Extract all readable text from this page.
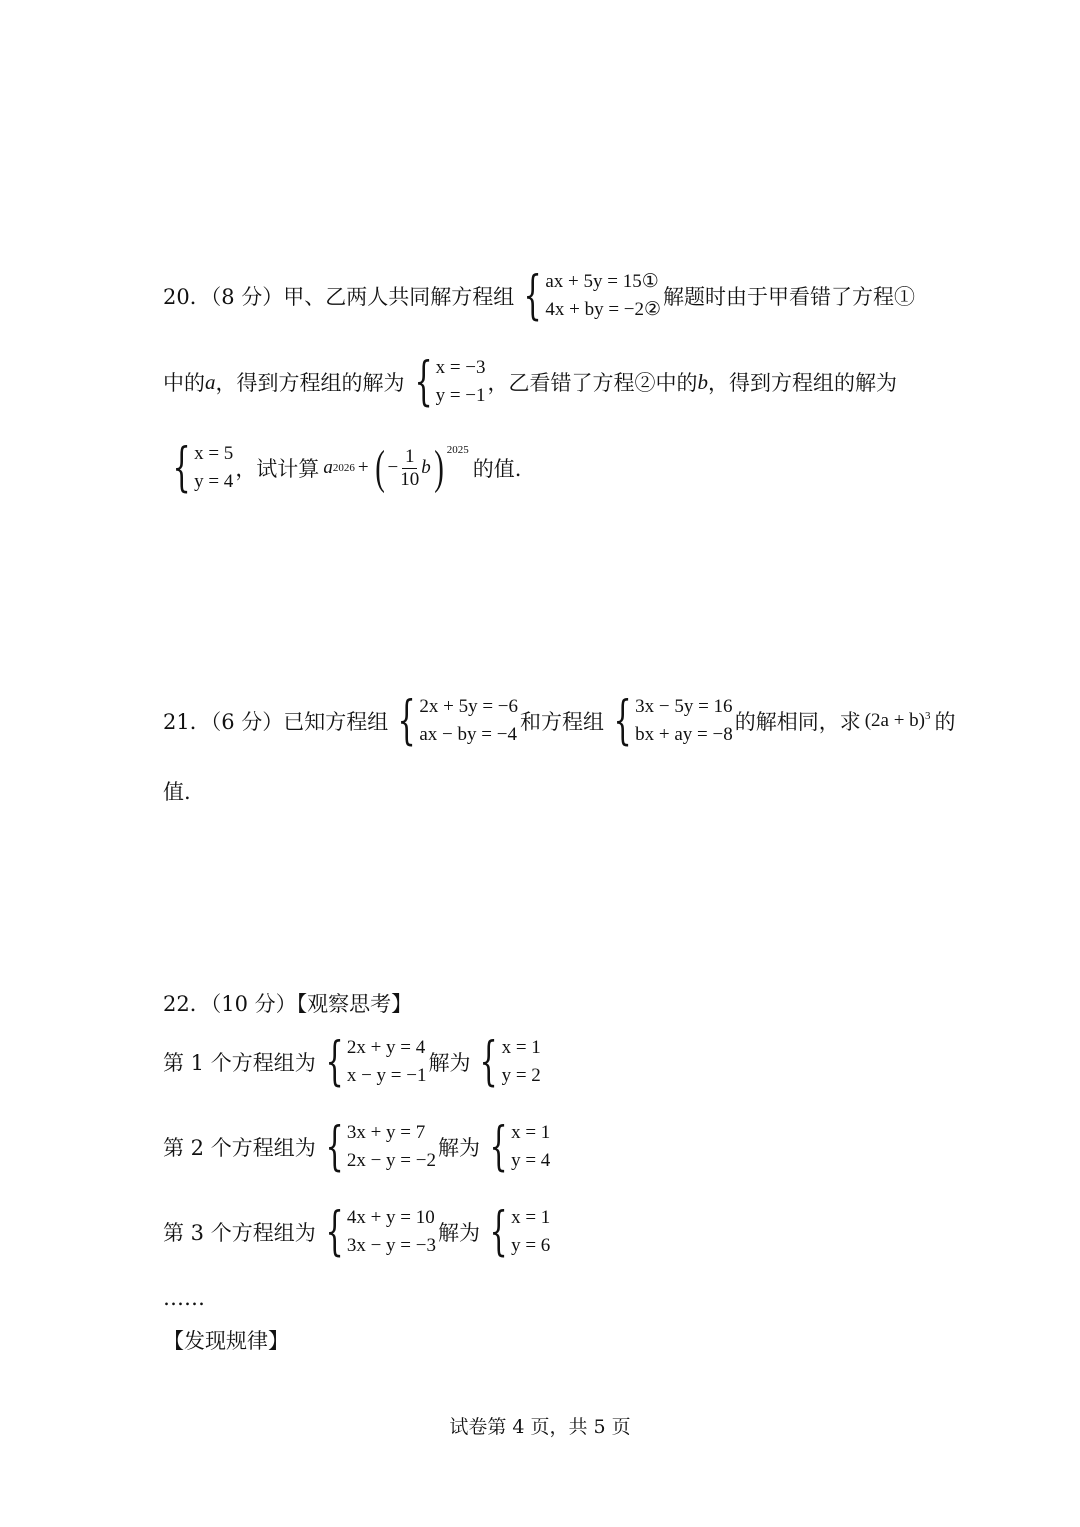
20．（8 分）甲、乙两人共同解方程组 { ax + 5y = 15①
4x + by = −2②
解题时由于甲看错了方程①
中的 a ，得到方程组的解为 { x = −3
y = −1
，乙看错了方程②中的 b ，得到方程组的解为
{ x = 5
y = 4
，试计算 a 2026 + ( − $\frac{1}{10}$ b ) $^{2025}$
的值.
21．（6 分）已知方程组 { 2x + 5y = −6
ax − by = −4
和方程组 { 3x − 5y = 16
bx + ay = −8
的解相同，求 $(2a + b)^3$ 的
值.
22．（10 分）【观察思考】
第 1 个方程组为 { 2x + y = 4
x − y = −1
解为 { x = 1
y = 2
第 2 个方程组为 { 3x + y = 7
2x − y = −2
解为 { x = 1
y = 4
第 3 个方程组为 { 4x + y = 10
3x − y = −3
解为 { x = 1
y = 6
……
【发现规律】
试卷第 4 页，共 5 页
